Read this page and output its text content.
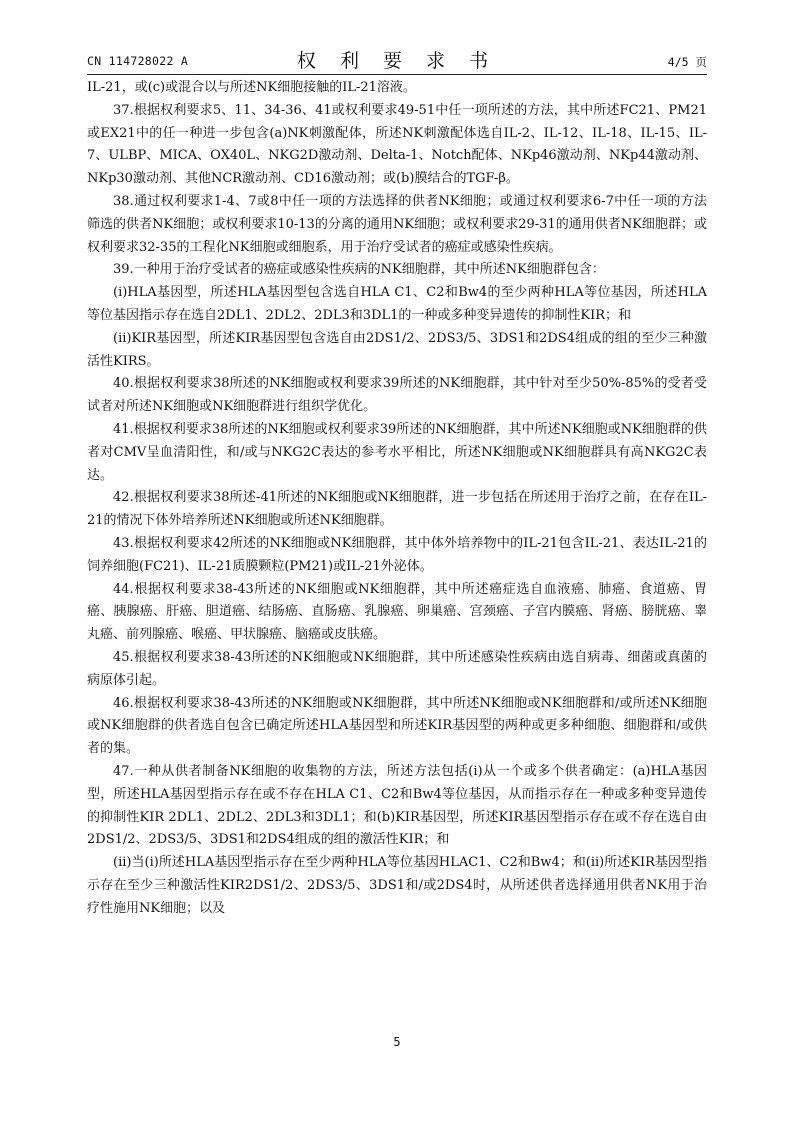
CN 114728022 A	权 利 要 求 书	4/5 页

IL-21，或(c)或混合以与所述NK细胞接触的IL-21溶液。

37.根据权利要求5、11、34-36、41或权利要求49-51中任一项所述的方法，其中所述FC21、PM21或EX21中的任一种进一步包含(a)NK刺激配体，所述NK刺激配体选自IL-2、IL-12、IL-18、IL-15、IL-7、ULBP、MICA、OX40L、NKG2D激动剂、Delta-1、Notch配体、NKp46激动剂、NKp44激动剂、NKp30激动剂、其他NCR激动剂、CD16激动剂；或(b)膜结合的TGF-β。

38.通过权利要求1-4、7或8中任一项的方法选择的供者NK细胞；或通过权利要求6-7中任一项的方法筛选的供者NK细胞；或权利要求10-13的分离的通用NK细胞；或权利要求29-31的通用供者NK细胞群；或权利要求32-35的工程化NK细胞或细胞系，用于治疗受试者的癌症或感染性疾病。

39.一种用于治疗受试者的癌症或感染性疾病的NK细胞群，其中所述NK细胞群包含：

(i)HLA基因型，所述HLA基因型包含选自HLA C1、C2和Bw4的至少两种HLA等位基因，所述HLA等位基因指示存在选自2DL1、2DL2、2DL3和3DL1的一种或多种变异遗传的抑制性KIR；和

(ii)KIR基因型，所述KIR基因型包含选自由2DS1/2、2DS3/5、3DS1和2DS4组成的组的至少三种激活性KIRS。

40.根据权利要求38所述的NK细胞或权利要求39所述的NK细胞群，其中针对至少50%-85%的受者受试者对所述NK细胞或NK细胞群进行组织学优化。

41.根据权利要求38所述的NK细胞或权利要求39所述的NK细胞群，其中所述NK细胞或NK细胞群的供者对CMV呈血清阳性，和/或与NKG2C表达的参考水平相比，所述NK细胞或NK细胞群具有高NKG2C表达。

42.根据权利要求38所述-41所述的NK细胞或NK细胞群，进一步包括在所述用于治疗之前，在存在IL-21的情况下体外培养所述NK细胞或所述NK细胞群。

43.根据权利要求42所述的NK细胞或NK细胞群，其中体外培养物中的IL-21包含IL-21、表达IL-21的饲养细胞(FC21)、IL-21质膜颗粒(PM21)或IL-21外泌体。

44.根据权利要求38-43所述的NK细胞或NK细胞群，其中所述癌症选自血液癌、肺癌、食道癌、胃癌、胰腺癌、肝癌、胆道癌、结肠癌、直肠癌、乳腺癌、卵巢癌、宫颈癌、子宫内膜癌、肾癌、膀胱癌、睾丸癌、前列腺癌、喉癌、甲状腺癌、脑癌或皮肤癌。

45.根据权利要求38-43所述的NK细胞或NK细胞群，其中所述感染性疾病由选自病毒、细菌或真菌的病原体引起。

46.根据权利要求38-43所述的NK细胞或NK细胞群，其中所述NK细胞或NK细胞群和/或所述NK细胞或NK细胞群的供者选自包含已确定所述HLA基因型和所述KIR基因型的两种或更多种细胞、细胞群和/或供者的集。

47.一种从供者制备NK细胞的收集物的方法，所述方法包括(i)从一个或多个供者确定：(a)HLA基因型，所述HLA基因型指示存在或不存在HLA C1、C2和Bw4等位基因，从而指示存在一种或多种变异遗传的抑制性KIR 2DL1、2DL2、2DL3和3DL1；和(b)KIR基因型，所述KIR基因型指示存在或不存在选自由2DS1/2、2DS3/5、3DS1和2DS4组成的组的激活性KIR；和

(ii)当(i)所述HLA基因型指示存在至少两种HLA等位基因HLAC1、C2和Bw4；和(ii)所述KIR基因型指示存在至少三种激活性KIR2DS1/2、2DS3/5、3DS1和/或2DS4时，从所述供者选择通用供者NK用于治疗性施用NK细胞；以及

5
